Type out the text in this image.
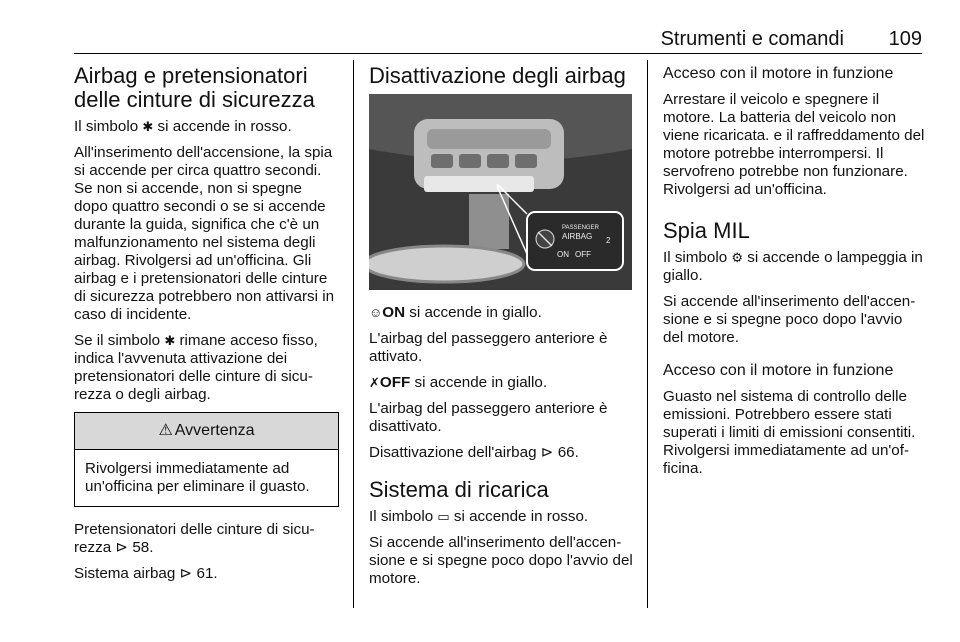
Strumenti e comandi 109
Airbag e pretensionatori delle cinture di sicurezza

Il simbolo ✱ si accende in rosso.

All'inserimento dell'accensione, la spia si accende per circa quattro secondi. Se non si accende, non si spegne dopo quattro secondi o se si accende durante la guida, significa che c'è un malfunzionamento nel sistema degli airbag. Rivolgersi ad un'officina. Gli airbag e i pretensionatori delle cinture di sicurezza potrebbero non attivarsi in caso di incidente.

Se il simbolo ✱ rimane acceso fisso, indica l'avvenuta attivazione dei pretensionatori delle cinture di sicurezza o degli airbag.

⚠ Avvertenza

Rivolgersi immediatamente ad un'officina per eliminare il guasto.

Pretensionatori delle cinture di sicurezza ⊳ 58.

Sistema airbag ⊳ 61.

Disattivazione degli airbag
PASSENGER
AIRBAG
ON OFF
2

☺ON si accende in giallo.

L'airbag del passeggero anteriore è attivato.

✗OFF si accende in giallo.

L'airbag del passeggero anteriore è disattivato.

Disattivazione dell'airbag ⊳ 66.

Sistema di ricarica

Il simbolo ▭ si accende in rosso.

Si accende all'inserimento dell'accensione e si spegne poco dopo l'avvio del motore.

Acceso con il motore in funzione

Arrestare il veicolo e spegnere il motore. La batteria del veicolo non viene ricaricata. e il raffreddamento del motore potrebbe interrompersi. Il servofreno potrebbe non funzionare. Rivolgersi ad un'officina.

Spia MIL

Il simbolo ⚙ si accende o lampeggia in giallo.

Si accende all'inserimento dell'accensione e si spegne poco dopo l'avvio del motore.

Acceso con il motore in funzione

Guasto nel sistema di controllo delle emissioni. Potrebbero essere stati superati i limiti di emissioni consentiti. Rivolgersi immediatamente ad un'officina.
